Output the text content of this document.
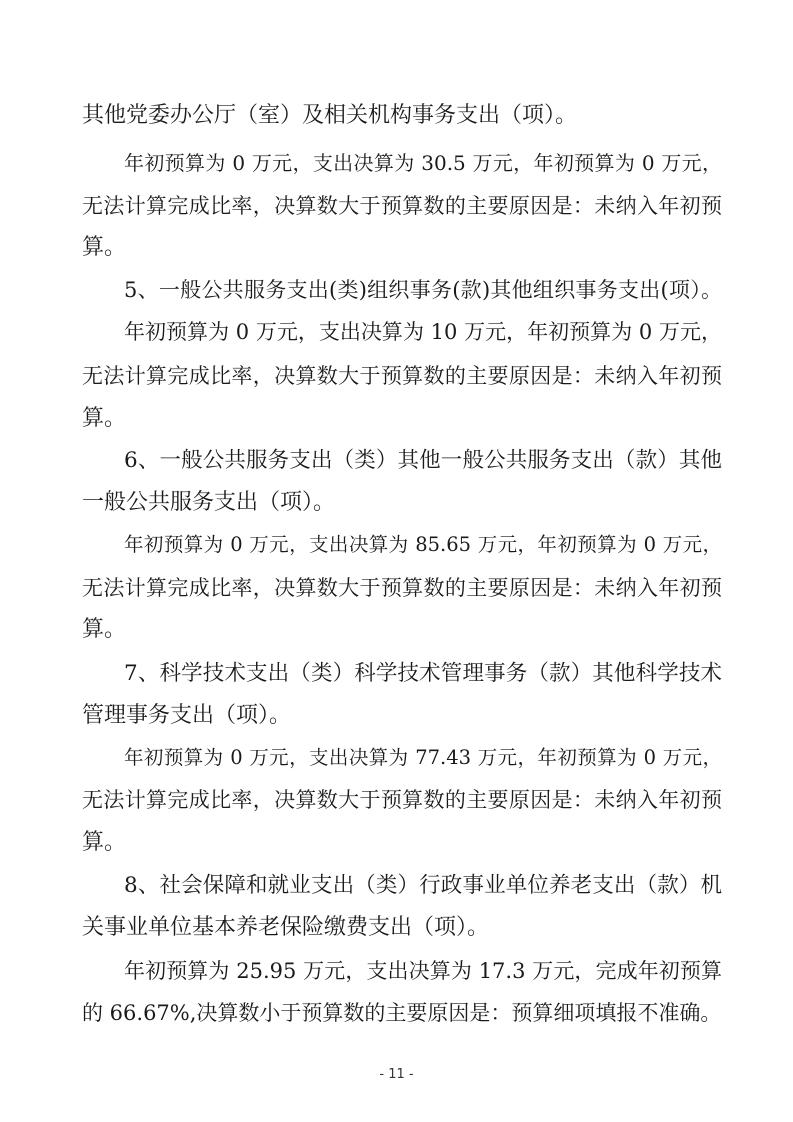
其他党委办公厅（室）及相关机构事务支出（项）。
年初预算为 0 万元，支出决算为 30.5 万元，年初预算为 0 万元，
无法计算完成比率，决算数大于预算数的主要原因是：未纳入年初预
算。
5、一般公共服务支出(类)组织事务(款)其他组织事务支出(项）。
年初预算为 0 万元，支出决算为 10 万元，年初预算为 0 万元，
无法计算完成比率，决算数大于预算数的主要原因是：未纳入年初预
算。
6、一般公共服务支出（类）其他一般公共服务支出（款）其他
一般公共服务支出（项）。
年初预算为 0 万元，支出决算为 85.65 万元，年初预算为 0 万元，
无法计算完成比率，决算数大于预算数的主要原因是：未纳入年初预
算。
7、科学技术支出（类）科学技术管理事务（款）其他科学技术
管理事务支出（项）。
年初预算为 0 万元，支出决算为 77.43 万元，年初预算为 0 万元，
无法计算完成比率，决算数大于预算数的主要原因是：未纳入年初预
算。
8、社会保障和就业支出（类）行政事业单位养老支出（款）机
关事业单位基本养老保险缴费支出（项）。
年初预算为 25.95 万元，支出决算为 17.3 万元，完成年初预算
的 66.67%,决算数小于预算数的主要原因是：预算细项填报不准确。
- 11 -
